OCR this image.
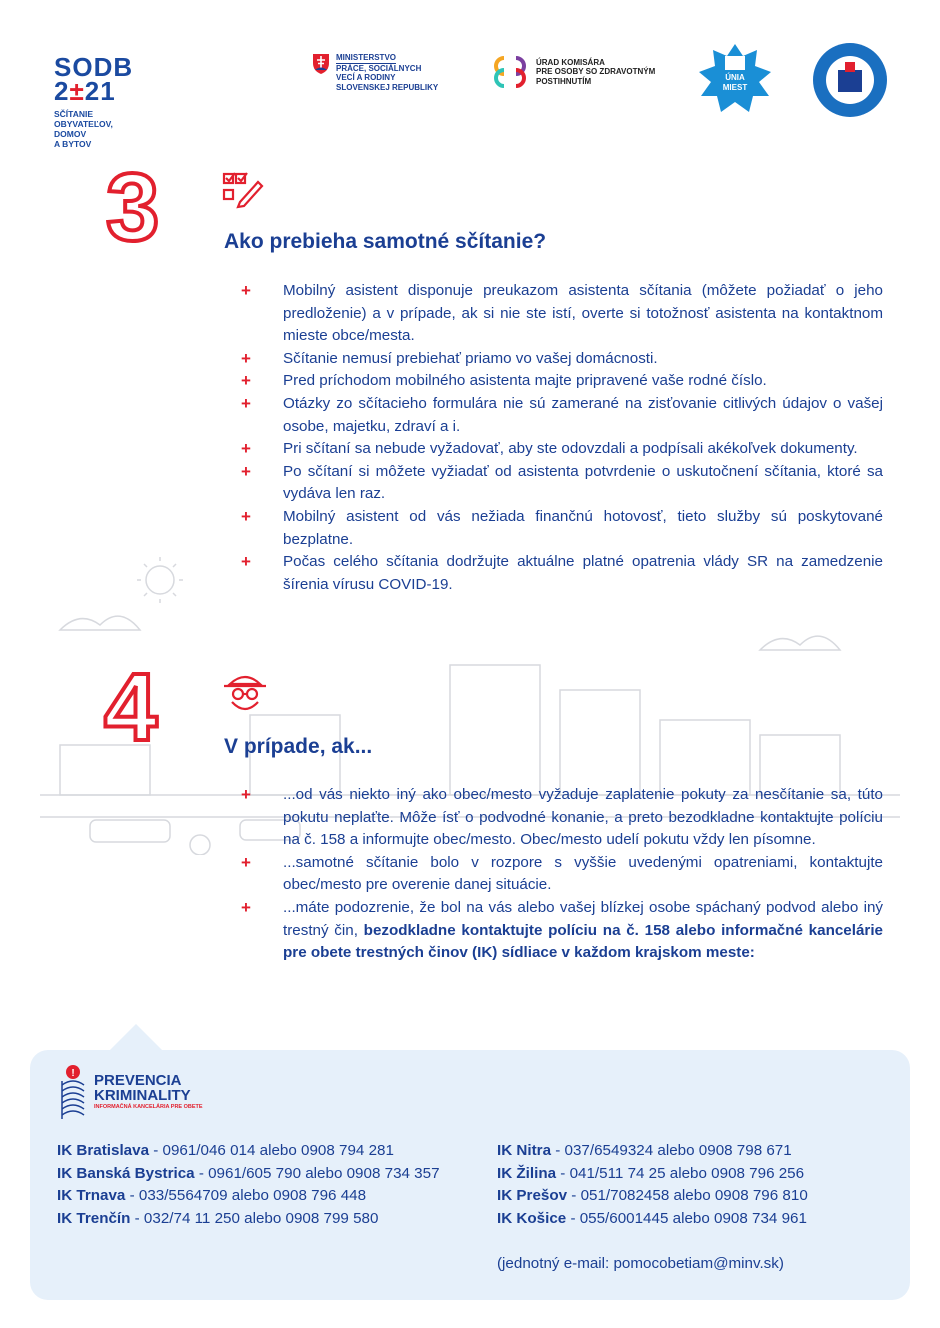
SODB
2±21
SČÍTANIE
OBYVATEĽOV,
DOMOV
A BYTOV
MINISTERSTVO
PRÁCE, SOCIÁLNYCH
VECÍ A RODINY
SLOVENSKEJ REPUBLIKY
ÚRAD KOMISÁRA
PRE OSOBY SO ZDRAVOTNÝM
POSTIHNUTÍM	ÚNIA
MIEST
3	Ako prebieha samotné sčítanie?
+ Mobilný asistent disponuje preukazom asistenta sčítania (môžete požiadať o jeho predloženie) a v prípade, ak si nie ste istí, overte si totožnosť asistenta na kontaktnom mieste obce/mesta.
+ Sčítanie nemusí prebiehať priamo vo vašej domácnosti.
+ Pred príchodom mobilného asistenta majte pripravené vaše rodné číslo.
+ Otázky zo sčítacieho formulára nie sú zamerané na zisťovanie citlivých údajov o vašej osobe, majetku, zdraví a i.
+ Pri sčítaní sa nebude vyžadovať, aby ste odovzdali a podpísali akékoľvek dokumenty.
+ Po sčítaní si môžete vyžiadať od asistenta potvrdenie o uskutočnení sčítania, ktoré sa vydáva len raz.
+ Mobilný asistent od vás nežiada finančnú hotovosť, tieto služby sú poskytované bezplatne.
+ Počas celého sčítania dodržujte aktuálne platné opatrenia vlády SR na zamedzenie šírenia vírusu COVID-19.
4	V prípade, ak...
+ ...od vás niekto iný ako obec/mesto vyžaduje zaplatenie pokuty za nesčítanie sa, túto pokutu neplaťte. Môže ísť o podvodné konanie, a preto bezodkladne kontaktujte políciu na č. 158 a informujte obec/mesto. Obec/mesto udelí pokutu vždy len písomne.
+ ...samotné sčítanie bolo v rozpore s vyššie uvedenými opatreniami, kontaktujte obec/mesto pre overenie danej situácie.
+ ...máte podozrenie, že bol na vás alebo vašej blízkej osobe spáchaný podvod alebo iný trestný čin, bezodkladne kontaktujte políciu na č. 158 alebo informačné kancelárie pre obete trestných činov (IK) sídliace v každom krajskom meste:
! PREVENCIA
KRIMINALITY
INFORMAČNÁ KANCELÁRIA PRE OBETE
IK Bratislava - 0961/046 014 alebo 0908 794 281
IK Banská Bystrica - 0961/605 790 alebo 0908 734 357
IK Trnava - 033/5564709 alebo 0908 796 448
IK Trenčín - 032/74 11 250 alebo 0908 799 580
IK Nitra - 037/6549324 alebo 0908 798 671
IK Žilina - 041/511 74 25 alebo 0908 796 256
IK Prešov - 051/7082458 alebo 0908 796 810
IK Košice - 055/6001445 alebo 0908 734 961
(jednotný e-mail: pomocobetiam@minv.sk)
